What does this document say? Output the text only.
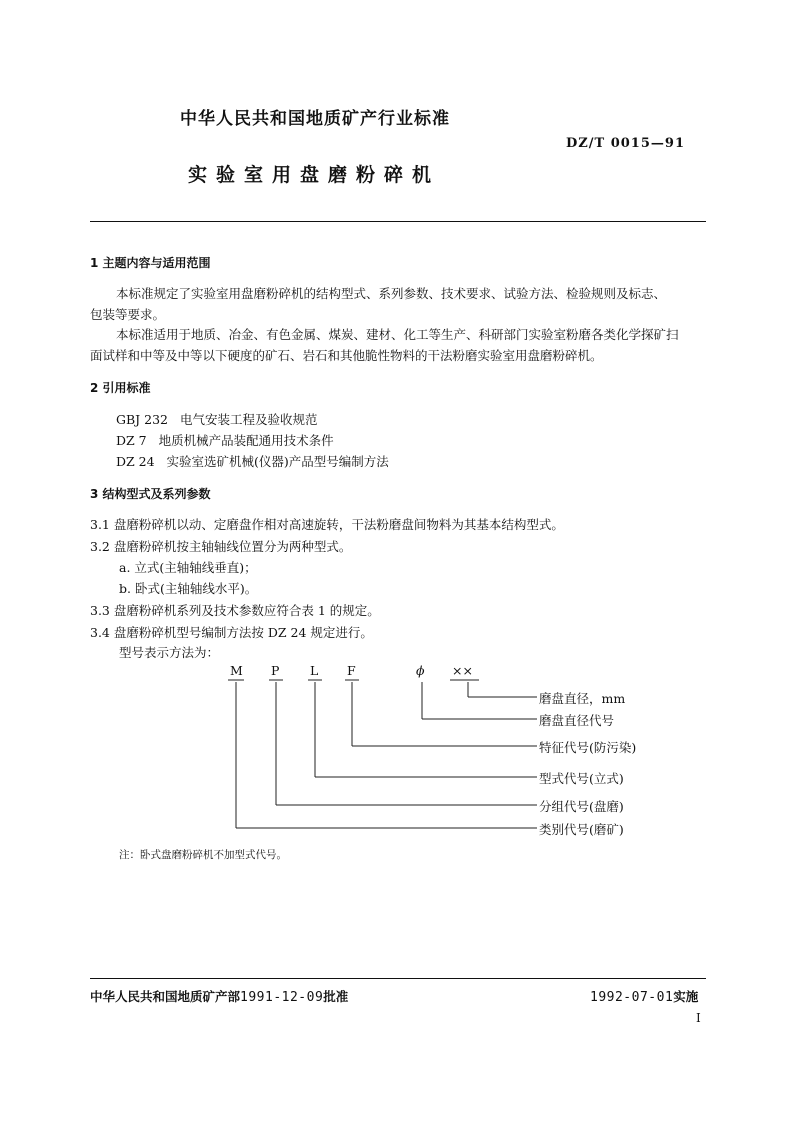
中华人民共和国地质矿产行业标准
DZ/T 0015—91
实验室用盘磨粉碎机
1 主题内容与适用范围
本标准规定了实验室用盘磨粉碎机的结构型式、系列参数、技术要求、试验方法、检验规则及标志、
包装等要求。
本标准适用于地质、冶金、有色金属、煤炭、建材、化工等生产、科研部门实验室粉磨各类化学探矿扫
面试样和中等及中等以下硬度的矿石、岩石和其他脆性物料的干法粉磨实验室用盘磨粉碎机。
2 引用标准
GBJ 232 电气安装工程及验收规范
DZ 7 地质机械产品装配通用技术条件
DZ 24 实验室选矿机械(仪器)产品型号编制方法
3 结构型式及系列参数
3.1 盘磨粉碎机以动、定磨盘作相对高速旋转，干法粉磨盘间物料为其基本结构型式。
3.2 盘磨粉碎机按主轴轴线位置分为两种型式。
a. 立式(主轴轴线垂直)；
b. 卧式(主轴轴线水平)。
3.3 盘磨粉碎机系列及技术参数应符合表 1 的规定。
3.4 盘磨粉碎机型号编制方法按 DZ 24 规定进行。
型号表示方法为：
M P L F	ϕ ××
磨盘直径，mm
磨盘直径代号
特征代号(防污染)
型式代号(立式)
分组代号(盘磨)
类别代号(磨矿)
注：卧式盘磨粉碎机不加型式代号。
中华人民共和国地质矿产部1991-12-09批准	1992-07-01实施
I
